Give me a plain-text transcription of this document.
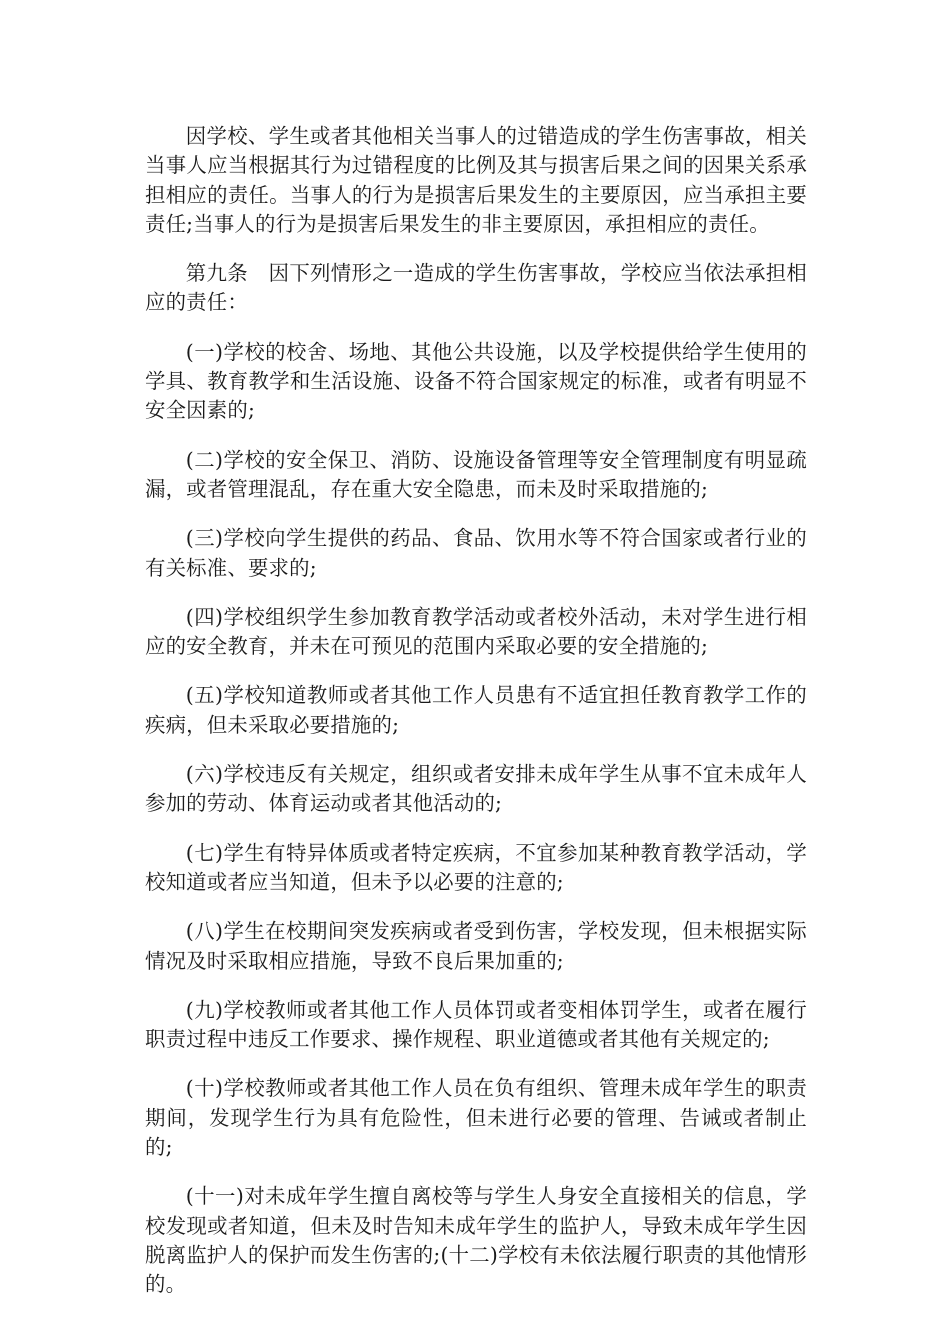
因学校、学生或者其他相关当事人的过错造成的学生伤害事故，相关当事人应当根据其行为过错程度的比例及其与损害后果之间的因果关系承担相应的责任。当事人的行为是损害后果发生的主要原因，应当承担主要责任;当事人的行为是损害后果发生的非主要原因，承担相应的责任。

第九条　因下列情形之一造成的学生伤害事故，学校应当依法承担相应的责任：

(一)学校的校舍、场地、其他公共设施，以及学校提供给学生使用的学具、教育教学和生活设施、设备不符合国家规定的标准，或者有明显不安全因素的;

(二)学校的安全保卫、消防、设施设备管理等安全管理制度有明显疏漏，或者管理混乱，存在重大安全隐患，而未及时采取措施的;

(三)学校向学生提供的药品、食品、饮用水等不符合国家或者行业的有关标准、要求的;

(四)学校组织学生参加教育教学活动或者校外活动，未对学生进行相应的安全教育，并未在可预见的范围内采取必要的安全措施的;

(五)学校知道教师或者其他工作人员患有不适宜担任教育教学工作的疾病，但未采取必要措施的;

(六)学校违反有关规定，组织或者安排未成年学生从事不宜未成年人参加的劳动、体育运动或者其他活动的;

(七)学生有特异体质或者特定疾病，不宜参加某种教育教学活动，学校知道或者应当知道，但未予以必要的注意的;

(八)学生在校期间突发疾病或者受到伤害，学校发现，但未根据实际情况及时采取相应措施，导致不良后果加重的;

(九)学校教师或者其他工作人员体罚或者变相体罚学生，或者在履行职责过程中违反工作要求、操作规程、职业道德或者其他有关规定的;

(十)学校教师或者其他工作人员在负有组织、管理未成年学生的职责期间，发现学生行为具有危险性，但未进行必要的管理、告诫或者制止的;

(十一)对未成年学生擅自离校等与学生人身安全直接相关的信息，学校发现或者知道，但未及时告知未成年学生的监护人，导致未成年学生因脱离监护人的保护而发生伤害的;(十二)学校有未依法履行职责的其他情形的。
